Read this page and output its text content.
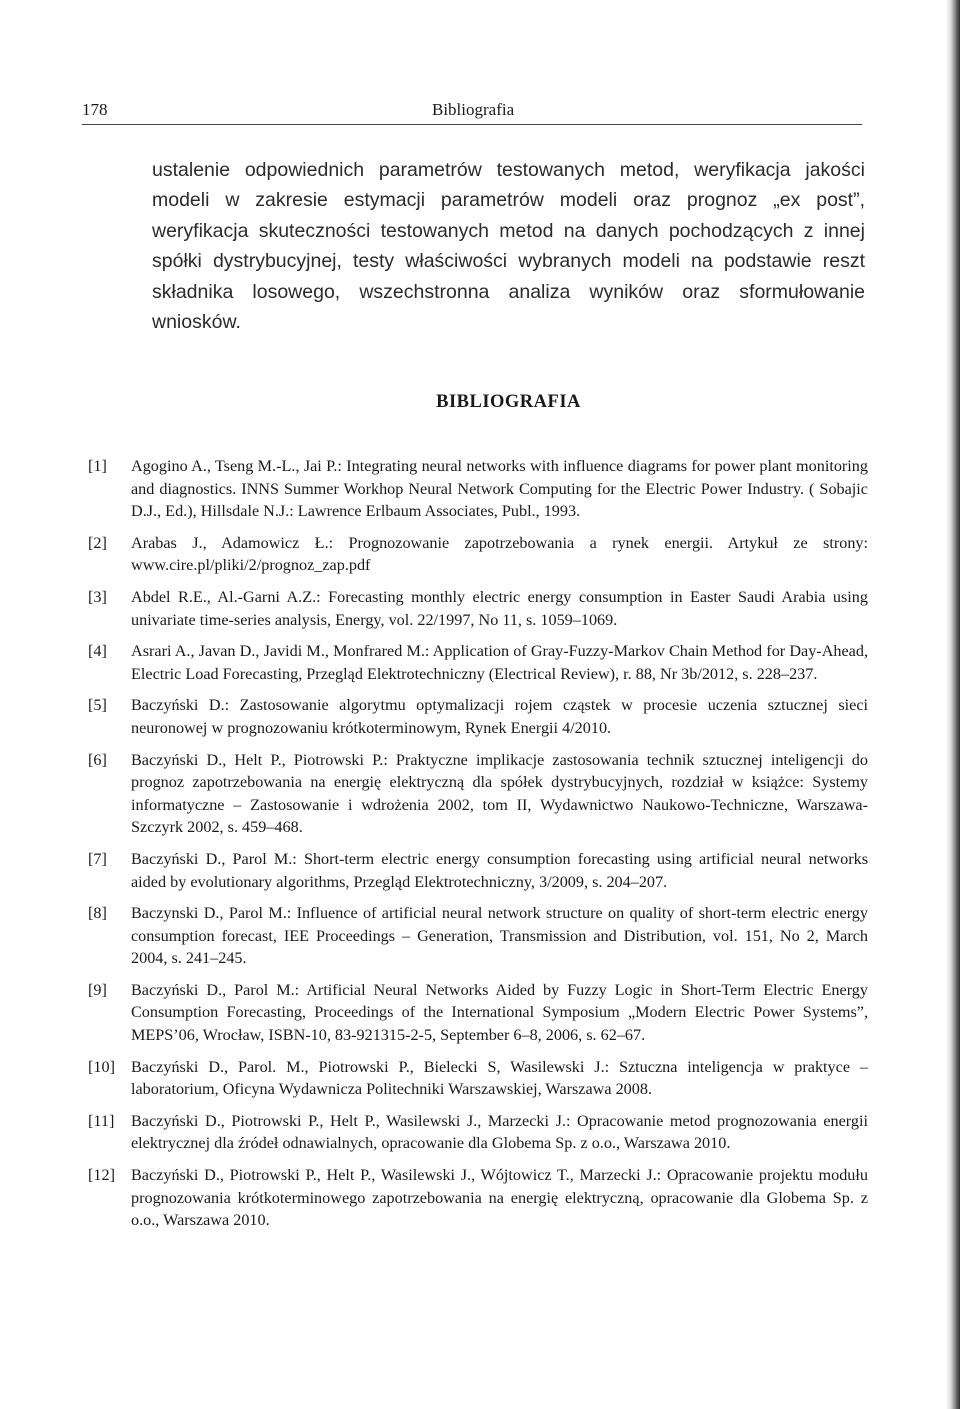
178	Bibliografia

ustalenie odpowiednich parametrów testowanych metod, weryfikacja jakości modeli w zakresie estymacji parametrów modeli oraz prognoz „ex post”, weryfikacja skuteczności testowanych metod na danych pochodzących z innej spółki dystrybucyjnej, testy właściwości wybranych modeli na podstawie reszt składnika losowego, wszechstronna analiza wyników oraz sformułowanie wniosków.

BIBLIOGRAFIA
[1] Agogino A., Tseng M.-L., Jai P.: Integrating neural networks with influence diagrams for power plant monitoring and diagnostics. INNS Summer Workhop Neural Network Computing for the Electric Power Industry. ( Sobajic D.J., Ed.), Hillsdale N.J.: Lawrence Erlbaum Associates, Publ., 1993.
[2] Arabas J., Adamowicz Ł.: Prognozowanie zapotrzebowania a rynek energii. Artykuł ze strony: www.cire.pl/pliki/2/prognoz_zap.pdf
[3] Abdel R.E., Al.-Garni A.Z.: Forecasting monthly electric energy consumption in Easter Saudi Arabia using univariate time-series analysis, Energy, vol. 22/1997, No 11, s. 1059–1069.
[4] Asrari A., Javan D., Javidi M., Monfrared M.: Application of Gray-Fuzzy-Markov Chain Method for Day-Ahead, Electric Load Forecasting, Przegląd Elektrotechniczny (Electrical Review), r. 88, Nr 3b/2012, s. 228–237.
[5] Baczyński D.: Zastosowanie algorytmu optymalizacji rojem cząstek w procesie uczenia sztucznej sieci neuronowej w prognozowaniu krótkoterminowym, Rynek Energii 4/2010.
[6] Baczyński D., Helt P., Piotrowski P.: Praktyczne implikacje zastosowania technik sztucznej inteligencji do prognoz zapotrzebowania na energię elektryczną dla spółek dystrybucyjnych, rozdział w książce: Systemy informatyczne – Zastosowanie i wdrożenia 2002, tom II, Wydawnictwo Naukowo-Techniczne, Warszawa-Szczyrk 2002, s. 459–468.
[7] Baczyński D., Parol M.: Short-term electric energy consumption forecasting using artificial neural networks aided by evolutionary algorithms, Przegląd Elektrotechniczny, 3/2009, s. 204–207.
[8] Baczynski D., Parol M.: Influence of artificial neural network structure on quality of short-term electric energy consumption forecast, IEE Proceedings – Generation, Transmission and Distribution, vol. 151, No 2, March 2004, s. 241–245.
[9] Baczyński D., Parol M.: Artificial Neural Networks Aided by Fuzzy Logic in Short-Term Electric Energy Consumption Forecasting, Proceedings of the International Symposium „Modern Electric Power Systems”, MEPS’06, Wrocław, ISBN-10, 83-921315-2-5, September 6–8, 2006, s. 62–67.
[10] Baczyński D., Parol. M., Piotrowski P., Bielecki S, Wasilewski J.: Sztuczna inteligencja w praktyce – laboratorium, Oficyna Wydawnicza Politechniki Warszawskiej, Warszawa 2008.
[11] Baczyński D., Piotrowski P., Helt P., Wasilewski J., Marzecki J.: Opracowanie metod prognozowania energii elektrycznej dla źródeł odnawialnych, opracowanie dla Globema Sp. z o.o., Warszawa 2010.
[12] Baczyński D., Piotrowski P., Helt P., Wasilewski J., Wójtowicz T., Marzecki J.: Opracowanie projektu modułu prognozowania krótkoterminowego zapotrzebowania na energię elektryczną, opracowanie dla Globema Sp. z o.o., Warszawa 2010.
